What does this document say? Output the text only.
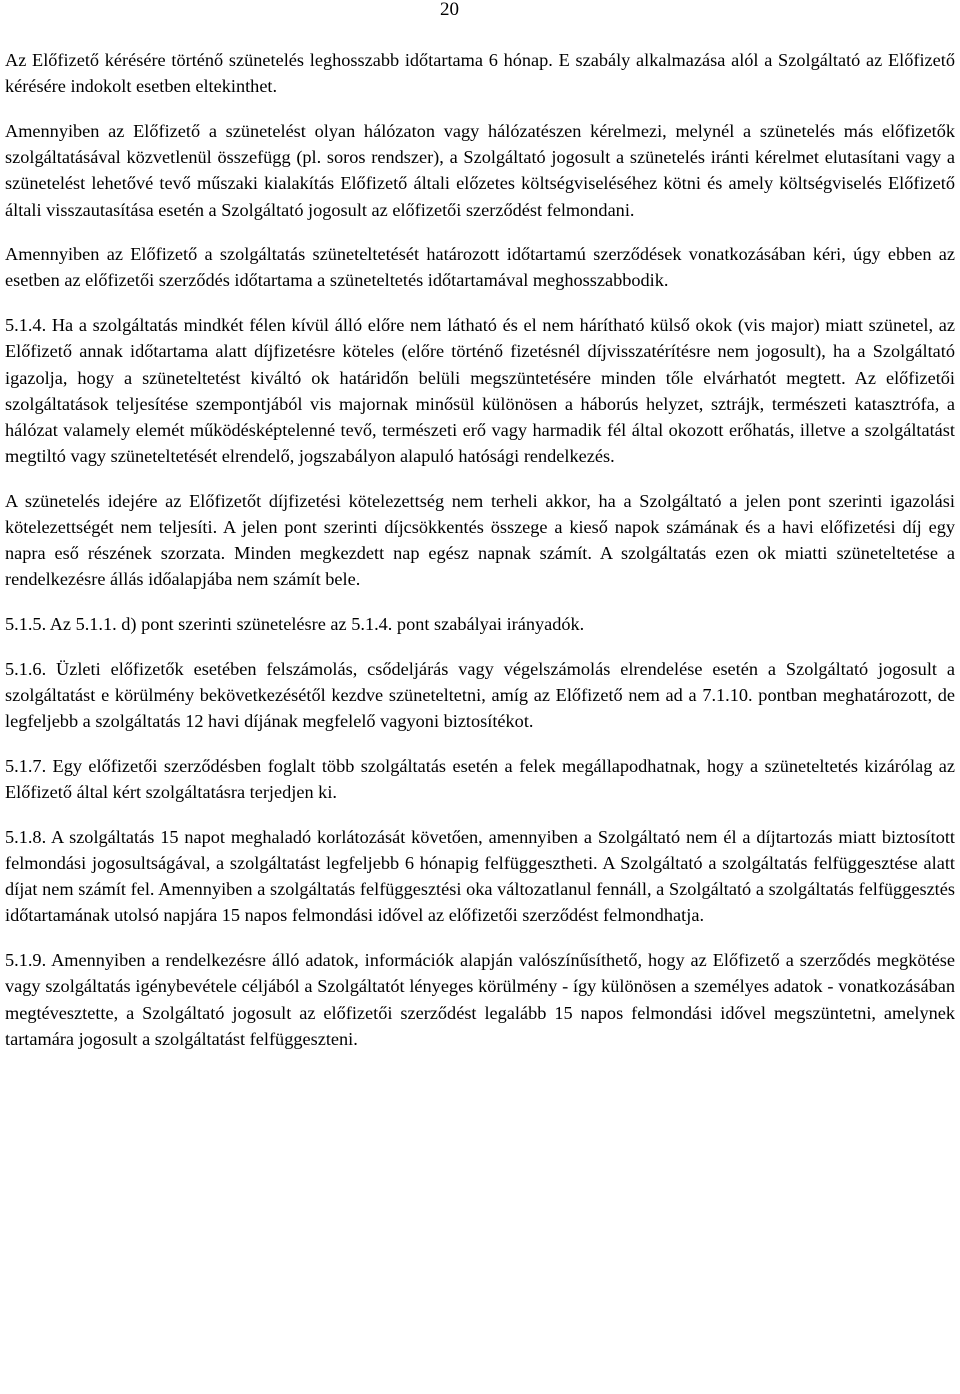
20

Az Előfizető kérésére történő szünetelés leghosszabb időtartama 6 hónap. E szabály alkalmazása alól a Szolgáltató az Előfizető kérésére indokolt esetben eltekinthet.

Amennyiben az Előfizető a szünetelést olyan hálózaton vagy hálózatészen kérelmezi, melynél a szünetelés más előfizetők szolgáltatásával közvetlenül összefügg (pl. soros rendszer), a Szolgáltató jogosult a szünetelés iránti kérelmet elutasítani vagy a szünetelést lehetővé tevő műszaki kialakítás Előfizető általi előzetes költségviseléséhez kötni és amely költségviselés Előfizető általi visszautasítása esetén a Szolgáltató jogosult az előfizetői szerződést felmondani.

Amennyiben az Előfizető a szolgáltatás szüneteltetését határozott időtartamú szerződések vonatkozásában kéri, úgy ebben az esetben az előfizetői szerződés időtartama a szüneteltetés időtartamával meghosszabbodik.

5.1.4. Ha a szolgáltatás mindkét félen kívül álló előre nem látható és el nem hárítható külső okok (vis major) miatt szünetel, az Előfizető annak időtartama alatt díjfizetésre köteles (előre történő fizetésnél díjvisszatérítésre nem jogosult), ha a Szolgáltató igazolja, hogy a szüneteltetést kiváltó ok határidőn belüli megszüntetésére minden tőle elvárhatót megtett. Az előfizetői szolgáltatások teljesítése szempontjából vis majornak minősül különösen a háborús helyzet, sztrájk, természeti katasztrófa, a hálózat valamely elemét működésképtelenné tevő, természeti erő vagy harmadik fél által okozott erőhatás, illetve a szolgáltatást megtiltó vagy szüneteltetését elrendelő, jogszabályon alapuló hatósági rendelkezés.

A szünetelés idejére az Előfizetőt díjfizetési kötelezettség nem terheli akkor, ha a Szolgáltató a jelen pont szerinti igazolási kötelezettségét nem teljesíti. A jelen pont szerinti díjcsökkentés összege a kieső napok számának és a havi előfizetési díj egy napra eső részének szorzata. Minden megkezdett nap egész napnak számít. A szolgáltatás ezen ok miatti szüneteltetése a rendelkezésre állás időalapjába nem számít bele.

5.1.5. Az 5.1.1. d) pont szerinti szünetelésre az 5.1.4. pont szabályai irányadók.

5.1.6. Üzleti előfizetők esetében felszámolás, csődeljárás vagy végelszámolás elrendelése esetén a Szolgáltató jogosult a szolgáltatást e körülmény bekövetkezésétől kezdve szüneteltetni, amíg az Előfizető nem ad a 7.1.10. pontban meghatározott, de legfeljebb a szolgáltatás 12 havi díjának megfelelő vagyoni biztosítékot.

5.1.7. Egy előfizetői szerződésben foglalt több szolgáltatás esetén a felek megállapodhatnak, hogy a szüneteltetés kizárólag az Előfizető által kért szolgáltatásra terjedjen ki.

5.1.8. A szolgáltatás 15 napot meghaladó korlátozását követően, amennyiben a Szolgáltató nem él a díjtartozás miatt biztosított felmondási jogosultságával, a szolgáltatást legfeljebb 6 hónapig felfüggesztheti. A Szolgáltató a szolgáltatás felfüggesztése alatt díjat nem számít fel. Amennyiben a szolgáltatás felfüggesztési oka változatlanul fennáll, a Szolgáltató a szolgáltatás felfüggesztés időtartamának utolsó napjára 15 napos felmondási idővel az előfizetői szerződést felmondhatja.

5.1.9. Amennyiben a rendelkezésre álló adatok, információk alapján valószínűsíthető, hogy az Előfizető a szerződés megkötése vagy szolgáltatás igénybevétele céljából a Szolgáltatót lényeges körülmény - így különösen a személyes adatok - vonatkozásában megtévesztette, a Szolgáltató jogosult az előfizetői szerződést legalább 15 napos felmondási idővel megszüntetni, amelynek tartamára jogosult a szolgáltatást felfüggeszteni.
